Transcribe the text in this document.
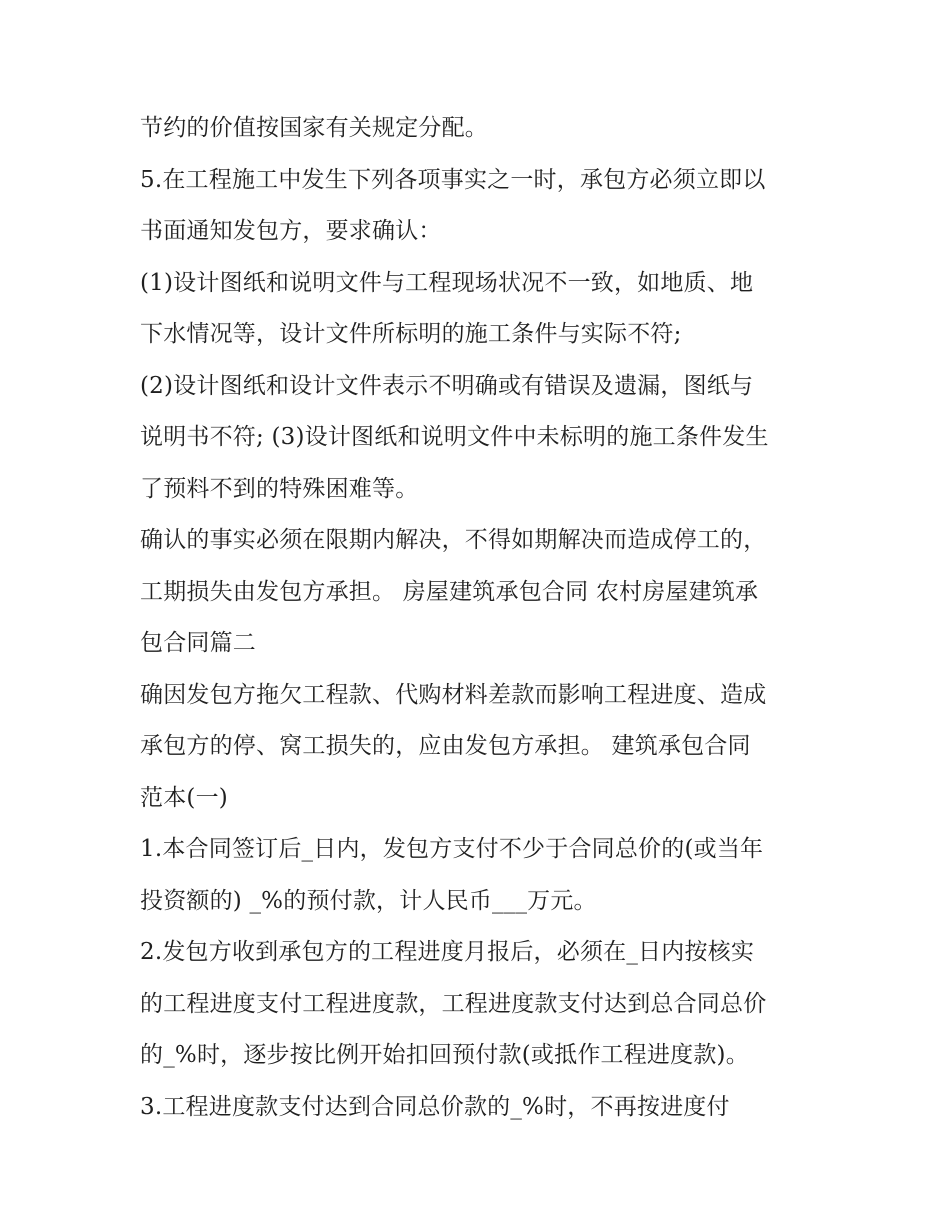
节约的价值按国家有关规定分配。
5.在工程施工中发生下列各项事实之一时，承包方必须立即以
书面通知发包方，要求确认：
(1)设计图纸和说明文件与工程现场状况不一致，如地质、地
下水情况等，设计文件所标明的施工条件与实际不符;
(2)设计图纸和设计文件表示不明确或有错误及遗漏，图纸与
说明书不符; (3)设计图纸和说明文件中未标明的施工条件发生
了预料不到的特殊困难等。
确认的事实必须在限期内解决，不得如期解决而造成停工的，
工期损失由发包方承担。 房屋建筑承包合同 农村房屋建筑承
包合同篇二
确因发包方拖欠工程款、代购材料差款而影响工程进度、造成
承包方的停、窝工损失的，应由发包方承担。 建筑承包合同
范本(一)
1.本合同签订后_日内，发包方支付不少于合同总价的(或当年
投资额的) _%的预付款，计人民币___万元。
2.发包方收到承包方的工程进度月报后，必须在_日内按核实
的工程进度支付工程进度款，工程进度款支付达到总合同总价
的_%时，逐步按比例开始扣回预付款(或抵作工程进度款)。
3.工程进度款支付达到合同总价款的_%时，不再按进度付
